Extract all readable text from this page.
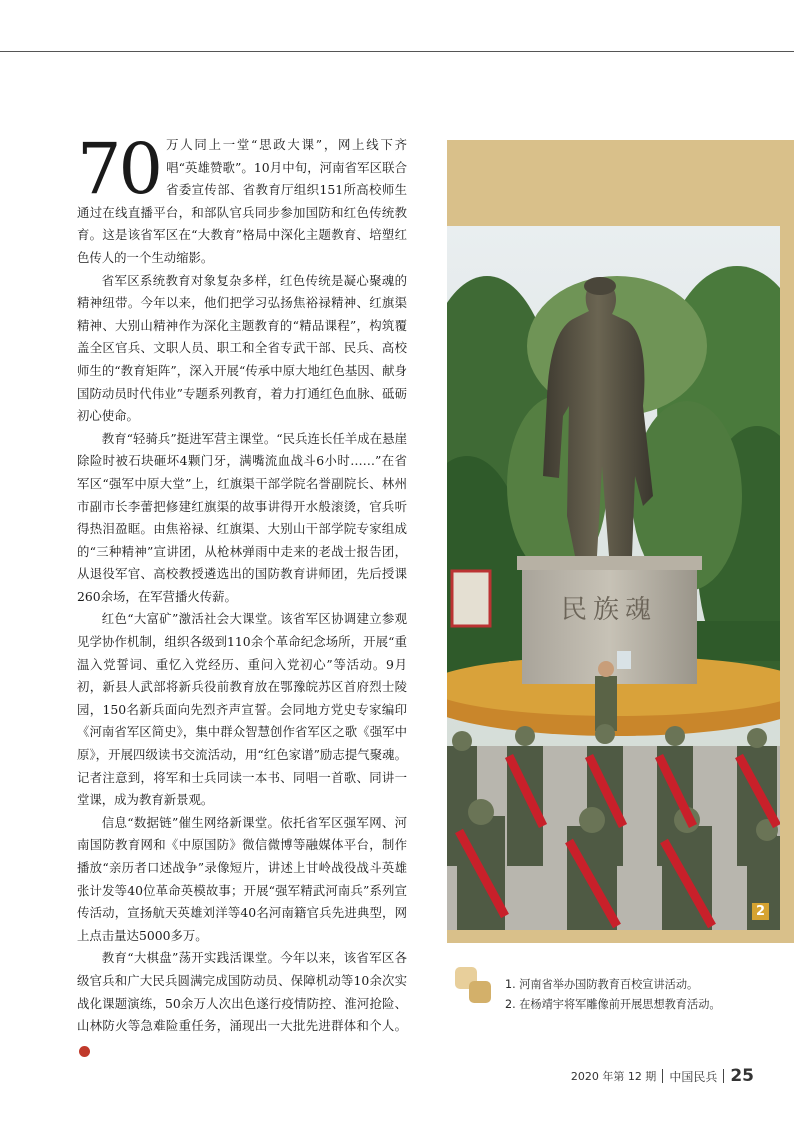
70 万人同上一堂“思政大课”，网上线下齐唱“英雄赞歌”。10月中旬，河南省军区联合省委宣传部、省教育厅组织151所高校师生通过在线直播平台，和部队官兵同步参加国防和红色传统教育。这是该省军区在“大教育”格局中深化主题教育、培塑红色传人的一个生动缩影。

省军区系统教育对象复杂多样，红色传统是凝心聚魂的精神纽带。今年以来，他们把学习弘扬焦裕禄精神、红旗渠精神、大别山精神作为深化主题教育的“精品课程”，构筑覆盖全区官兵、文职人员、职工和全省专武干部、民兵、高校师生的“教育矩阵”，深入开展“传承中原大地红色基因、献身国防动员时代伟业”专题系列教育，着力打通红色血脉、砥砺初心使命。

教育“轻骑兵”挺进军营主课堂。“民兵连长任羊成在悬崖除险时被石块砸坏4颗门牙，满嘴流血战斗6小时……”在省军区“强军中原大堂”上，红旗渠干部学院名誉副院长、林州市副市长李蕾把修建红旗渠的故事讲得开水般滚烫，官兵听得热泪盈眶。由焦裕禄、红旗渠、大别山干部学院专家组成的“三种精神”宣讲团，从枪林弹雨中走来的老战士报告团，从退役军官、高校教授遴选出的国防教育讲师团，先后授课260余场，在军营播火传薪。

红色“大富矿”激活社会大课堂。该省军区协调建立参观见学协作机制，组织各级到110余个革命纪念场所，开展“重温入党誓词、重忆入党经历、重问入党初心”等活动。9月初，新县人武部将新兵役前教育放在鄂豫皖苏区首府烈士陵园，150名新兵面向先烈齐声宣誓。会同地方党史专家编印《河南省军区简史》，集中群众智慧创作省军区之歌《强军中原》，开展四级读书交流活动，用“红色家谱”励志提气聚魂。记者注意到，将军和士兵同读一本书、同唱一首歌、同讲一堂课，成为教育新景观。

信息“数据链”催生网络新课堂。依托省军区强军网、河南国防教育网和《中原国防》微信微博等融媒体平台，制作播放“亲历者口述战争”录像短片，讲述上甘岭战役战斗英雄张计发等40位革命英模故事；开展“强军精武河南兵”系列宣传活动，宣扬航天英雄刘洋等40名河南籍官兵先进典型，网上点击量达5000多万。

教育“大棋盘”荡开实践活课堂。今年以来，该省军区各级官兵和广大民兵圆满完成国防动员、保障机动等10余次实战化课题演练，50余万人次出色遂行疫情防控、淮河抢险、山林防火等急难险重任务，涌现出一大批先进群体和个人。民

民族魂
2
1. 河南省举办国防教育百校宣讲活动。
2. 在杨靖宇将军雕像前开展思想教育活动。
2020 年第 12 期 中国民兵 25
